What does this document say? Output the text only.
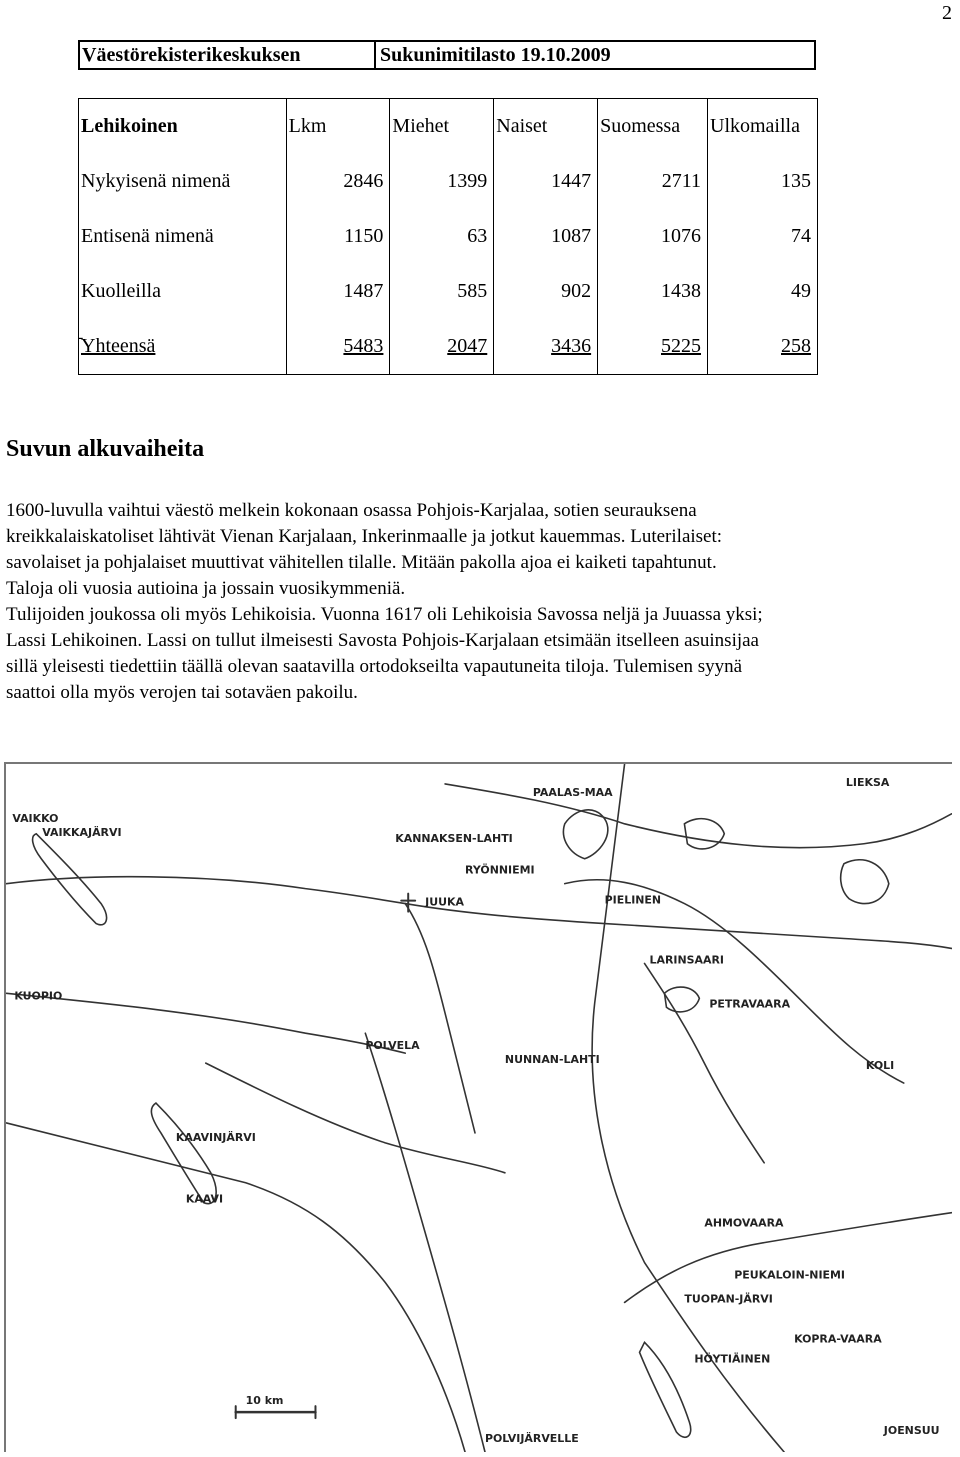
2
Väestörekisterikeskuksen	Sukunimitilasto 19.10.2009
Lehikoinen	Lkm	Miehet	Naiset	Suomessa	Ulkomailla
Nykyisenä nimenä	2846	1399	1447	2711	135
Entisenä nimenä	1150	63	1087	1076	74
Kuolleilla	1487	585	902	1438	49
Yhteensä	5483	2047	3436	5225	258
-
Suvun alkuvaiheita

1600-luvulla vaihtui väestö melkein kokonaan osassa Pohjois-Karjalaa, sotien seurauksena

kreikkalaiskatoliset lähtivät Vienan Karjalaan, Inkerinmaalle ja jotkut kauemmas. Luterilaiset:

savolaiset ja pohjalaiset muuttivat vähitellen tilalle. Mitään pakolla ajoa ei kaiketi tapahtunut.

Taloja oli vuosia autioina ja jossain vuosikymmeniä.

Tulijoiden joukossa oli myös Lehikoisia. Vuonna 1617 oli Lehikoisia Savossa neljä ja Juuassa yksi;

Lassi Lehikoinen. Lassi on tullut ilmeisesti Savosta Pohjois-Karjalaan etsimään itselleen asuinsijaa

sillä yleisesti tiedettiin täällä olevan saatavilla ortodokseilta vapautuneita tiloja. Tulemisen syynä

saattoi olla myös verojen tai sotaväen pakoilu.

LIEKSA
VAIKKO
VAIKKAJÄRVI
PAALAS-MAA
KANNAKSEN-LAHTI
RYÖNNIEMI
PIELINEN
JUUKA
KUOPIO
LARINSAARI
PETRAVAARA
POLVELA
NUNNAN-LAHTI	KOLI
KAAVINJÄRVI
KAAVI
AHMOVAARA
PEUKALOIN-NIEMI
TUOPAN-JÄRVI
KOPRA-VAARA
HÖYTIÄINEN
POLVIJÄRVELLE
JOENSUU
10 km
